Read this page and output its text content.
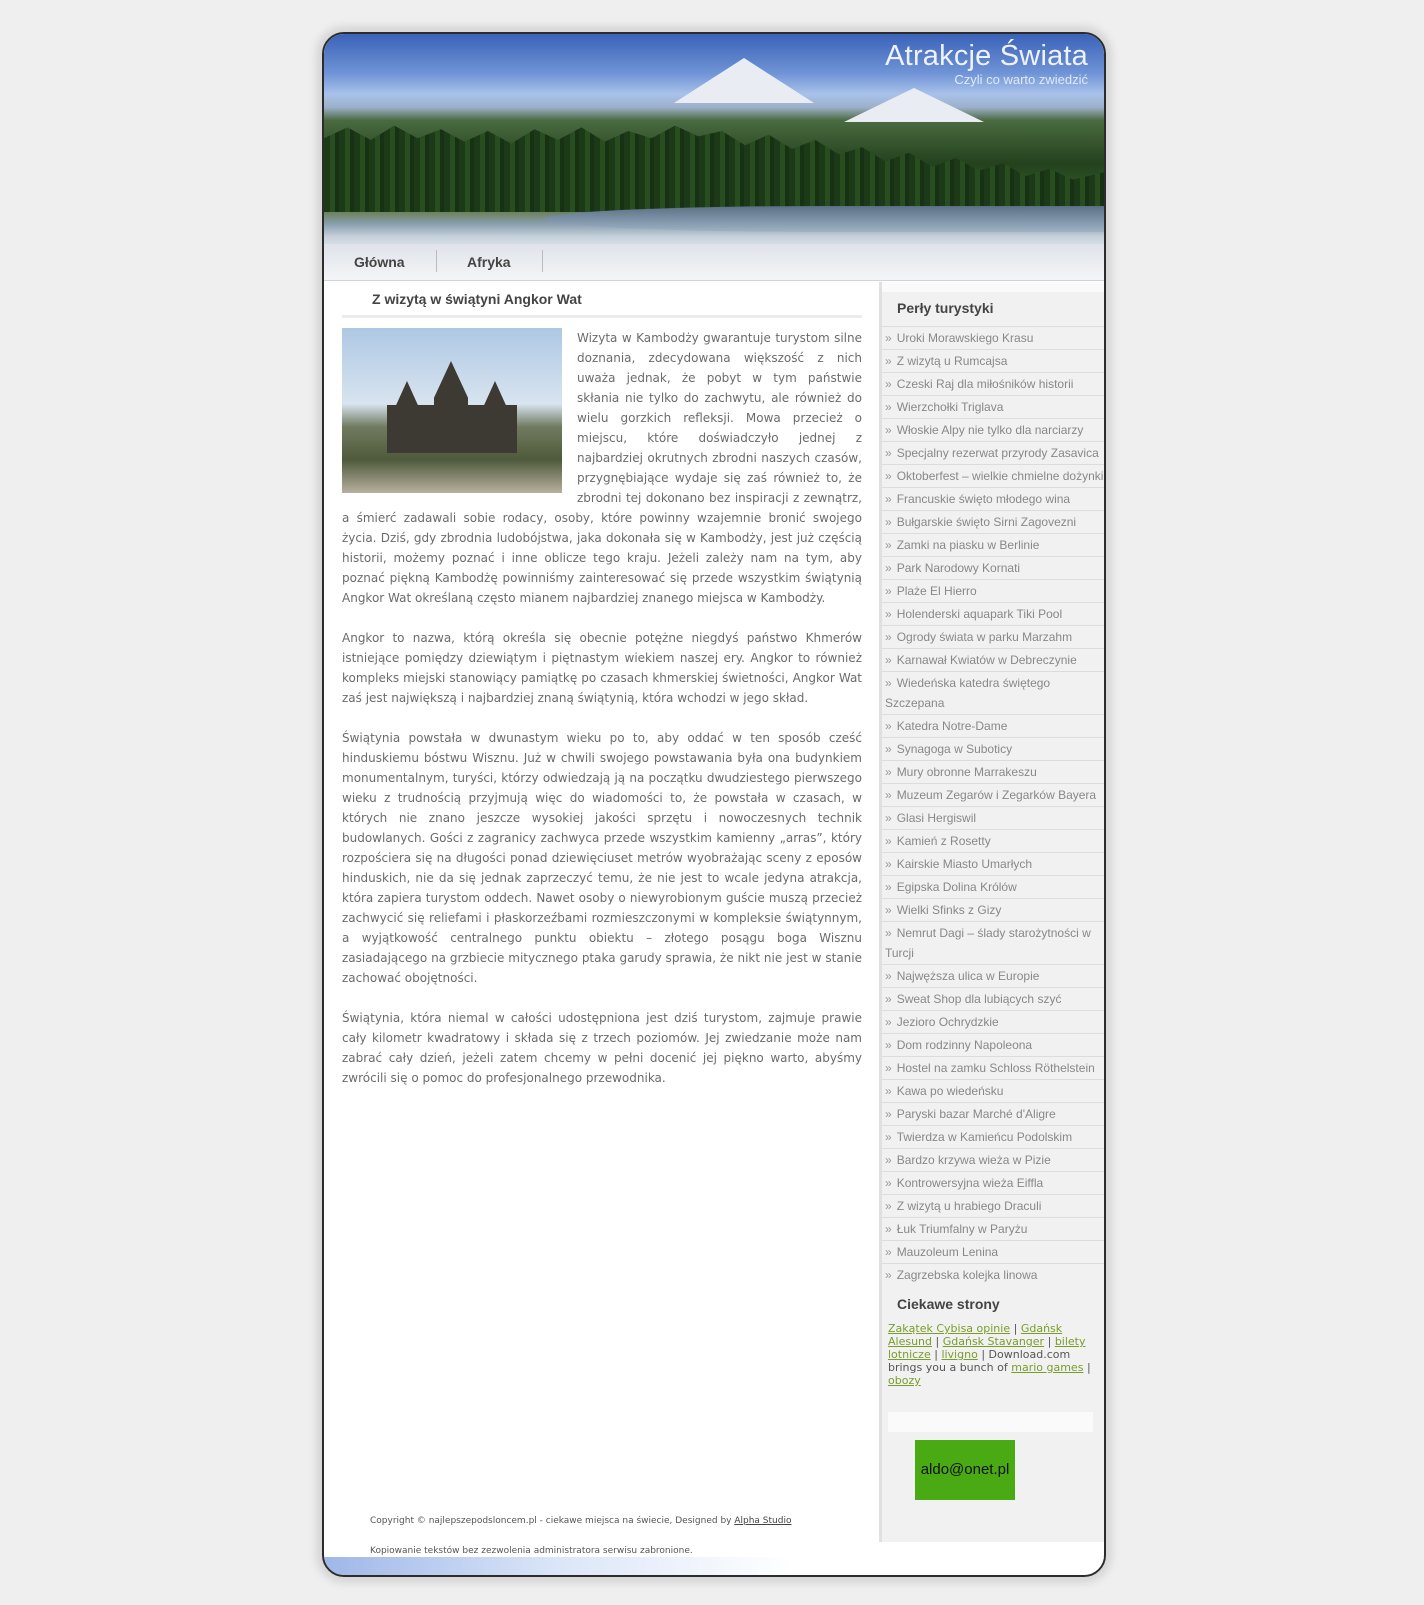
Atrakcje Świata
Czyli co warto zwiedzić
Główna	Afryka
Z wizytą w świątyni Angkor Wat

Wizyta w Kambodży gwarantuje turystom silne doznania, zdecydowana większość z nich uważa jednak, że pobyt w tym państwie skłania nie tylko do zachwytu, ale również do wielu gorzkich refleksji. Mowa przecież o miejscu, które doświadczyło jednej z najbardziej okrutnych zbrodni naszych czasów, przygnębiające wydaje się zaś również to, że zbrodni tej dokonano bez inspiracji z zewnątrz, a śmierć zadawali sobie rodacy, osoby, które powinny wzajemnie bronić swojego życia. Dziś, gdy zbrodnia ludobójstwa, jaka dokonała się w Kambodży, jest już częścią historii, możemy poznać i inne oblicze tego kraju. Jeżeli zależy nam na tym, aby poznać piękną Kambodżę powinniśmy zainteresować się przede wszystkim świątynią Angkor Wat określaną często mianem najbardziej znanego miejsca w Kambodży.

Angkor to nazwa, którą określa się obecnie potężne niegdyś państwo Khmerów istniejące pomiędzy dziewiątym i piętnastym wiekiem naszej ery. Angkor to również kompleks miejski stanowiący pamiątkę po czasach khmerskiej świetności, Angkor Wat zaś jest największą i najbardziej znaną świątynią, która wchodzi w jego skład.

Świątynia powstała w dwunastym wieku po to, aby oddać w ten sposób cześć hinduskiemu bóstwu Wisznu. Już w chwili swojego powstawania była ona budynkiem monumentalnym, turyści, którzy odwiedzają ją na początku dwudziestego pierwszego wieku z trudnością przyjmują więc do wiadomości to, że powstała w czasach, w których nie znano jeszcze wysokiej jakości sprzętu i nowoczesnych technik budowlanych. Gości z zagranicy zachwyca przede wszystkim kamienny „arras”, który rozpościera się na długości ponad dziewięciuset metrów wyobrażając sceny z eposów hinduskich, nie da się jednak zaprzeczyć temu, że nie jest to wcale jedyna atrakcja, która zapiera turystom oddech. Nawet osoby o niewyrobionym guście muszą przecież zachwycić się reliefami i płaskorzeźbami rozmieszczonymi w kompleksie świątynnym, a wyjątkowość centralnego punktu obiektu – złotego posągu boga Wisznu zasiadającego na grzbiecie mitycznego ptaka garudy sprawia, że nikt nie jest w stanie zachować obojętności.

Świątynia, która niemal w całości udostępniona jest dziś turystom, zajmuje prawie cały kilometr kwadratowy i składa się z trzech poziomów. Jej zwiedzanie może nam zabrać cały dzień, jeżeli zatem chcemy w pełni docenić jej piękno warto, abyśmy zwrócili się o pomoc do profesjonalnego przewodnika.

Perły turystyki
» Uroki Morawskiego Krasu
» Z wizytą u Rumcajsa
» Czeski Raj dla miłośników historii
» Wierzchołki Triglava
» Włoskie Alpy nie tylko dla narciarzy
» Specjalny rezerwat przyrody Zasavica
» Oktoberfest – wielkie chmielne dożynki
» Francuskie święto młodego wina
» Bułgarskie święto Sirni Zagovezni
» Zamki na piasku w Berlinie
» Park Narodowy Kornati
» Plaże El Hierro
» Holenderski aquapark Tiki Pool
» Ogrody świata w parku Marzahm
» Karnawał Kwiatów w Debreczynie
» Wiedeńska katedra świętego Szczepana
» Katedra Notre-Dame
» Synagoga w Suboticy
» Mury obronne Marrakeszu
» Muzeum Zegarów i Zegarków Bayera
» Glasi Hergiswil
» Kamień z Rosetty
» Kairskie Miasto Umarłych
» Egipska Dolina Królów
» Wielki Sfinks z Gizy
» Nemrut Dagi – ślady starożytności w Turcji
» Najwęższa ulica w Europie
» Sweat Shop dla lubiących szyć
» Jezioro Ochrydzkie
» Dom rodzinny Napoleona
» Hostel na zamku Schloss Röthelstein
» Kawa po wiedeńsku
» Paryski bazar Marché d'Aligre
» Twierdza w Kamieńcu Podolskim
» Bardzo krzywa wieża w Pizie
» Kontrowersyjna wieża Eiffla
» Z wizytą u hrabiego Draculi
» Łuk Triumfalny w Paryżu
» Mauzoleum Lenina
» Zagrzebska kolejka linowa
Ciekawe strony
Zakątek Cybisa opinie | Gdańsk Alesund | Gdańsk Stavanger | bilety lotnicze | livigno | Download.com brings you a bunch of mario games | obozy
aldo@onet.pl
Copyright © najlepszepodsloncem.pl - ciekawe miejsca na świecie, Designed by Alpha Studio
Kopiowanie tekstów bez zezwolenia administratora serwisu zabronione.
